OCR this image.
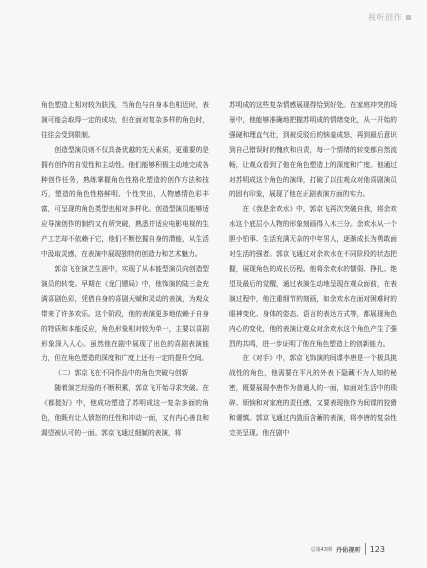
视听创作

角色塑造上相对较为肤浅，当角色与自身本色相近时，表演可能会取得一定的成功，但在面对复杂多样的角色时，往往会受到限制。

创造型演员则不仅具备优越的先天素质，更重要的是拥有创作的自觉性和主动性。他们能够积极主动地完成各种创作任务，熟练掌握角色性格化塑造的创作方法和技巧，塑造的角色性格鲜明、个性突出，人物感情色彩丰富，可呈现的角色类型也相对多样化。创造型演员能够适应导演创作的制约又有所突破，熟悉并适应电影电视的生产工艺却不依赖于它，他们不断挖掘自身的潜能，从生活中汲取灵感，在表演中展现独特的创造力和艺术魅力。

郭京飞在演艺生涯中，实现了从本能型演员向创造型演员的转变。早期在《龙门镖局》中，他饰演的陆三金充满喜剧色彩，凭借自身的喜剧天赋和灵动的表演，为观众带来了许多欢乐。这个阶段，他的表演更多地依赖于自身的特质和本能反应，角色形象相对较为单一，主要以喜剧形象深入人心。虽然他在剧中展现了出色的喜剧表演能力，但在角色塑造的深度和广度上还有一定的提升空间。

（二）郭京飞在不同作品中的角色突破与创新

随着演艺经验的不断积累，郭京飞开始寻求突破。在《都挺好》中，他成功塑造了苏明成这一复杂多面的角色，他既有让人愤怒的任性和冲动一面，又有内心善良和渴望被认可的一面。郭京飞通过细腻的表演，将

苏明成的这些复杂情感展现得恰到好处。在家庭冲突的场景中，他能够准确地把握苏明成的情绪变化，从一开始的强硬和理直气壮，到被反驳后的恼羞成怒，再到最后意识到自己错误时的愧疚和自责，每一个情绪的转变都自然流畅，让观众看到了他在角色塑造上的深度和广度。他通过对苏明成这个角色的演绎，打破了以往观众对他喜剧演员的固有印象，展现了他在正剧表演方面的实力。

在《我是余欢水》中，郭京飞再次突破自我，将余欢水这个底层小人物的形象刻画得入木三分。余欢水从一个胆小怕事、生活充满无奈的中年男人，逐渐成长为勇敢面对生活的强者。郭京飞通过对余欢水在不同阶段的状态把握，展现角色的成长历程。他将余欢水的懦弱、挣扎、绝望及最后的觉醒，通过表演生动地呈现在观众面前，在表演过程中，他注重细节的刻画，如余欢水在面对困难时的眼神变化、身体的姿态、语言的表达方式等，都展现角色内心的变化，他的表演让观众对余欢水这个角色产生了强烈的共鸣，进一步证明了他在角色塑造上的创新能力。

在《对手》中，郭京飞饰演的间谍李唐是一个极具挑战性的角色，他需要在平凡的外表下隐藏不为人知的秘密，既要展现李唐作为普通人的一面，如面对生活中的琐碎、烦恼和对家庭的责任感，又要表现他作为间谍的狡猾和谨慎。郭京飞通过内敛而含蓄的表演，将李唐的复杂性完美呈现。他在剧中

总第43期 丹佑视听 123
